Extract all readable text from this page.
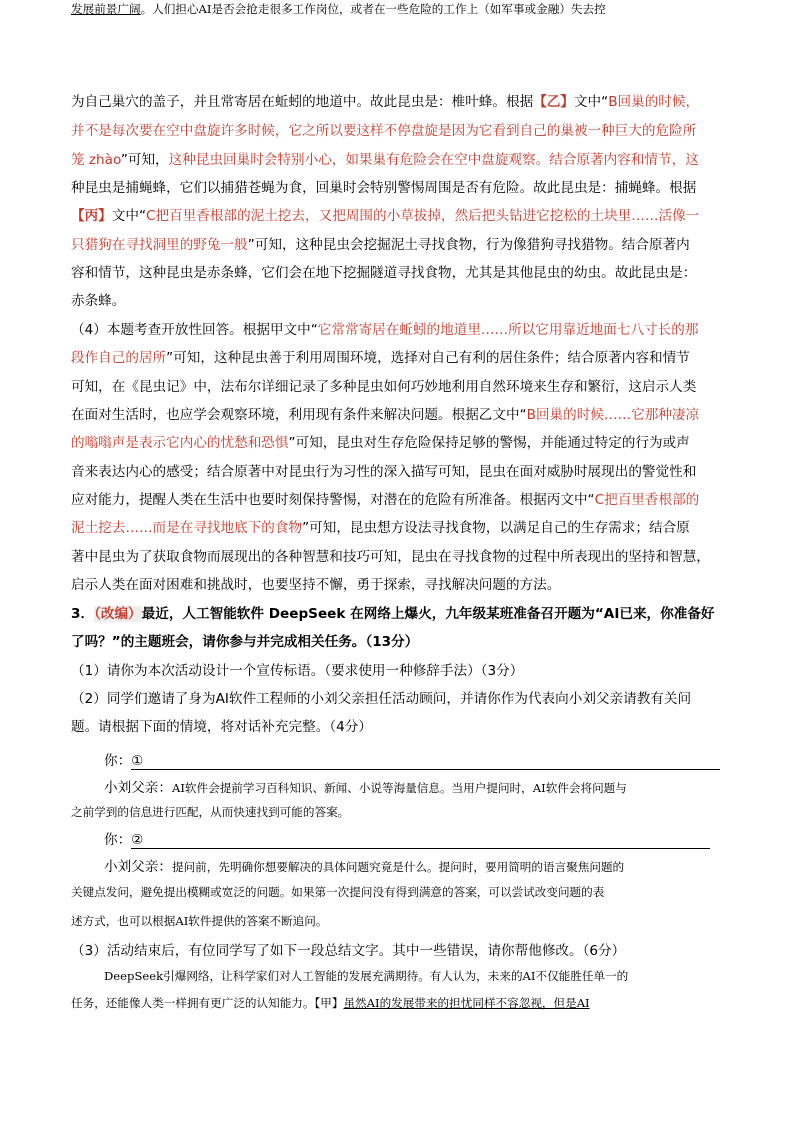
为自己巢穴的盖子，并且常寄居在蚯蚓的地道中。故此昆虫是：椎叶蜂。根据【乙】文中“B回巢的时候，
并不是每次要在空中盘旋许多时候，它之所以要这样不停盘旋是因为它看到自己的巢被一种巨大的危险所
笼 zhào”可知，这种昆虫回巢时会特别小心，如果巢有危险会在空中盘旋观察。结合原著内容和情节，这
种昆虫是捕蝇蜂，它们以捕猎苍蝇为食，回巢时会特别警惕周围是否有危险。故此昆虫是：捕蝇蜂。根据
【丙】文中“C把百里香根部的泥土挖去，又把周围的小草拔掉，然后把头钻进它挖松的土块里……活像一
只猎狗在寻找洞里的野兔一般”可知，这种昆虫会挖掘泥土寻找食物，行为像猎狗寻找猎物。结合原著内
容和情节，这种昆虫是赤条蜂，它们会在地下挖掘隧道寻找食物，尤其是其他昆虫的幼虫。故此昆虫是：
赤条蜂。
（4）本题考查开放性回答。根据甲文中“它常常寄居在蚯蚓的地道里……所以它用靠近地面七八寸长的那
段作自己的居所”可知，这种昆虫善于利用周围环境，选择对自己有利的居住条件；结合原著内容和情节
可知，在《昆虫记》中，法布尔详细记录了多种昆虫如何巧妙地利用自然环境来生存和繁衍，这启示人类
在面对生活时，也应学会观察环境，利用现有条件来解决问题。根据乙文中“B回巢的时候……它那种凄凉
的嗡嗡声是表示它内心的忧愁和恐惧”可知，昆虫对生存危险保持足够的警惕，并能通过特定的行为或声
音来表达内心的感受；结合原著中对昆虫行为习性的深入描写可知，昆虫在面对威胁时展现出的警觉性和
应对能力，提醒人类在生活中也要时刻保持警惕，对潜在的危险有所准备。根据丙文中“C把百里香根部的
泥土挖去……而是在寻找地底下的食物”可知，昆虫想方设法寻找食物，以满足自己的生存需求；结合原
著中昆虫为了获取食物而展现出的各种智慧和技巧可知，昆虫在寻找食物的过程中所表现出的坚持和智慧，
启示人类在面对困难和挑战时，也要坚持不懈，勇于探索，寻找解决问题的方法。
3．（改编）最近，人工智能软件 DeepSeek 在网络上爆火，九年级某班准备召开题为“AI已来，你准备好
了吗？”的主题班会，请你参与并完成相关任务。（13分）
（1）请你为本次活动设计一个宣传标语。（要求使用一种修辞手法）（3分）
（2）同学们邀请了身为AI软件工程师的小刘父亲担任活动顾问，并请你作为代表向小刘父亲请教有关问
题。请根据下面的情境，将对话补充完整。（4分）
你：①
小刘父亲：AI软件会提前学习百科知识、新闻、小说等海量信息。当用户提问时，AI软件会将问题与
之前学到的信息进行匹配，从而快速找到可能的答案。
你：②
小刘父亲：提问前，先明确你想要解决的具体问题究竟是什么。提问时，要用简明的语言聚焦问题的
关键点发问，避免提出模糊或宽泛的问题。如果第一次提问没有得到满意的答案，可以尝试改变问题的表
述方式，也可以根据AI软件提供的答案不断追问。
（3）活动结束后，有位同学写了如下一段总结文字。其中一些错误，请你帮他修改。（6分）
DeepSeek引爆网络，让科学家们对人工智能的发展充满期待。有人认为，未来的AI不仅能胜任单一的
任务，还能像人类一样拥有更广泛的认知能力。【甲】虽然AI的发展带来的担忧同样不容忽视，但是AI
发展前景广阔。人们担心AI是否会抢走很多工作岗位，或者在一些危险的工作上（如军事或金融）失去控
